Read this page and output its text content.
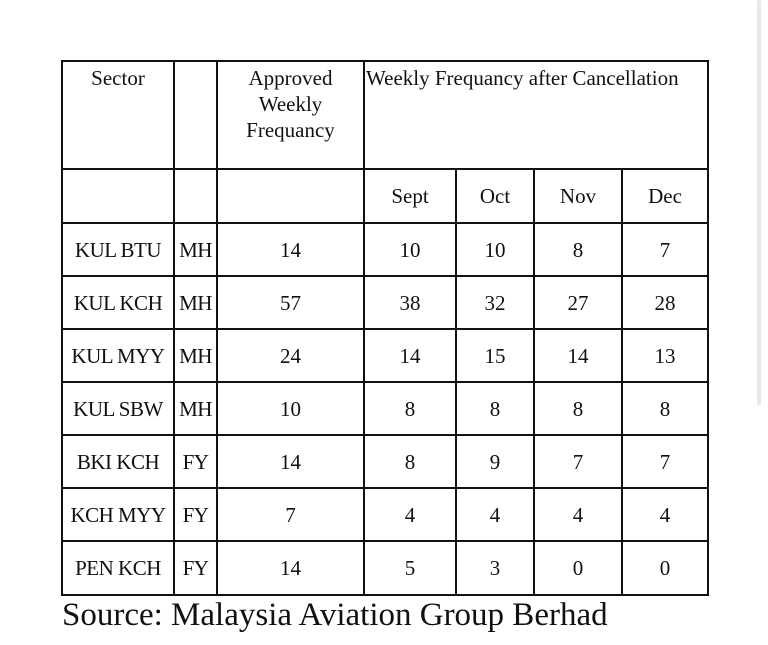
Sector		Approved Weekly Frequancy	Weekly Frequancy after Cancellation			
			Sept	Oct	Nov	Dec
KUL BTU	MH	14	10	10	8	7
KUL KCH	MH	57	38	32	27	28
KUL MYY	MH	24	14	15	14	13
KUL SBW	MH	10	8	8	8	8
BKI KCH	FY	14	8	9	7	7
KCH MYY	FY	7	4	4	4	4
PEN KCH	FY	14	5	3	0	0
Source: Malaysia Aviation Group Berhad
